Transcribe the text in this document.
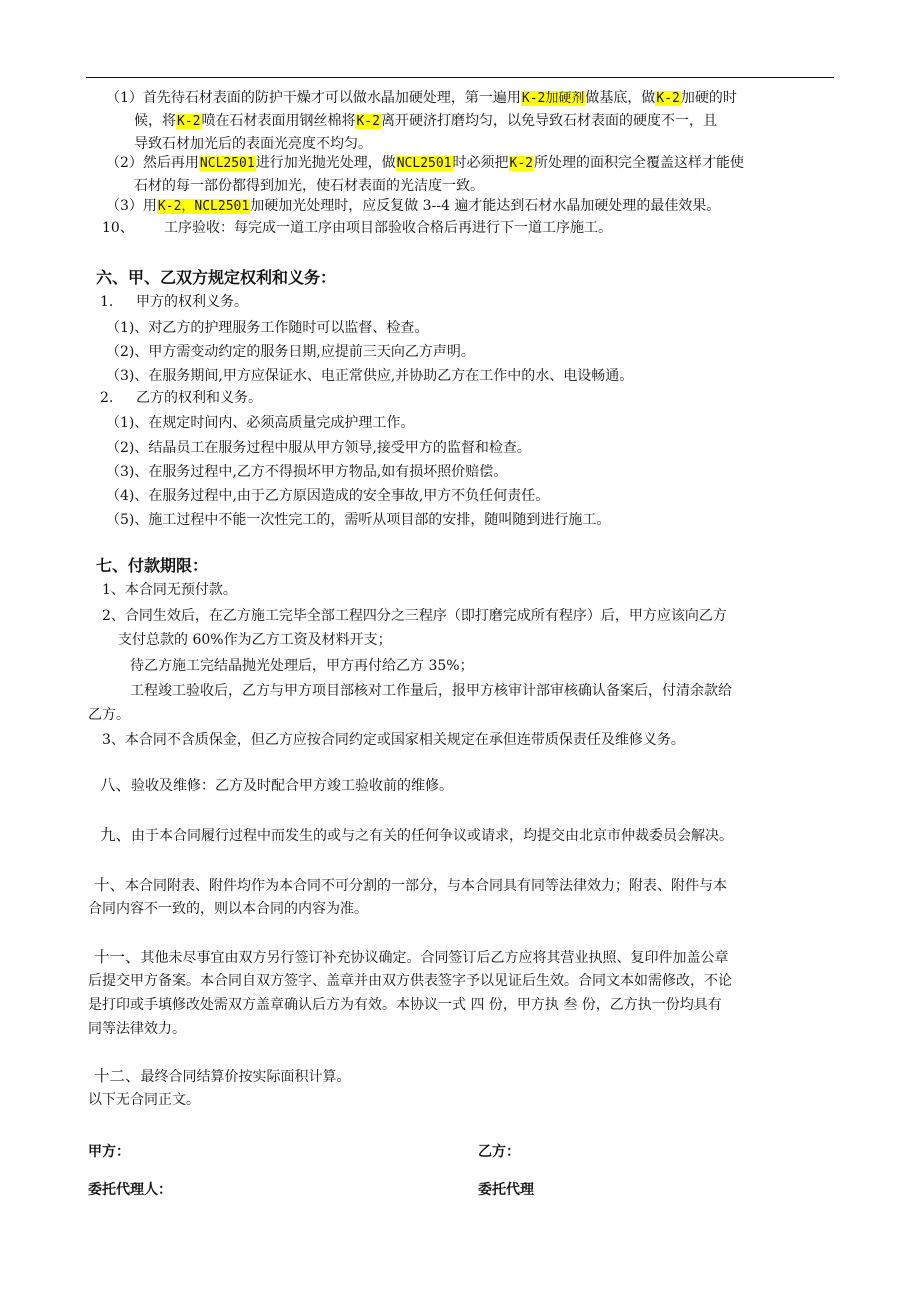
（1）首先待石材表面的防护干燥才可以做水晶加硬处理，第一遍用K-2加硬剂做基底，做K-2加硬的时
候，将K-2喷在石材表面用钢丝棉将K-2离开硬济打磨均匀，以免导致石材表面的硬度不一，且
导致石材加光后的表面光亮度不均匀。
（2）然后再用NCL2501进行加光抛光处理，做NCL2501时必须把K-2所处理的面积完全覆盖这样才能使
石材的每一部份都得到加光，使石材表面的光洁度一致。
（3）用K-2，NCL2501加硬加光处理时，应反复做 3--4 遍才能达到石材水晶加硬处理的最佳效果。
10、 工序验收：每完成一道工序由项目部验收合格后再进行下一道工序施工。
六、甲、乙双方规定权利和义务：
1. 甲方的权利义务。
（1)、对乙方的护理服务工作随时可以监督、检查。
（2)、甲方需变动约定的服务日期,应提前三天向乙方声明。
（3)、在服务期间,甲方应保证水、电正常供应,并协助乙方在工作中的水、电设畅通。
2. 乙方的权利和义务。
（1)、在规定时间内、必须高质量完成护理工作。
（2)、结晶员工在服务过程中服从甲方领导,接受甲方的监督和检查。
（3)、在服务过程中,乙方不得损坏甲方物品,如有损坏照价赔偿。
（4)、在服务过程中,由于乙方原因造成的安全事故,甲方不负任何责任。
（5)、施工过程中不能一次性完工的，需听从项目部的安排，随叫随到进行施工。
七、付款期限：
1、本合同无预付款。
2、合同生效后，在乙方施工完毕全部工程四分之三程序（即打磨完成所有程序）后，甲方应该向乙方
支付总款的 60%作为乙方工资及材料开支；
待乙方施工完结晶抛光处理后，甲方再付给乙方 35%；
工程竣工验收后，乙方与甲方项目部核对工作量后，报甲方核审计部审核确认备案后，付清余款给
乙方。
3、本合同不含质保金，但乙方应按合同约定或国家相关规定在承但连带质保责任及维修义务。
八、验收及维修：乙方及时配合甲方竣工验收前的维修。
九、由于本合同履行过程中而发生的或与之有关的任何争议或请求，均提交由北京市仲裁委员会解决。
十、本合同附表、附件均作为本合同不可分割的一部分，与本合同具有同等法律效力；附表、附件与本
合同内容不一致的，则以本合同的内容为准。
十一、其他未尽事宜由双方另行签订补充协议确定。合同签订后乙方应将其营业执照、复印件加盖公章
后提交甲方备案。本合同自双方签字、盖章并由双方供表签字予以见证后生效。合同文本如需修改，不论
是打印或手填修改处需双方盖章确认后方为有效。本协议一式 四 份，甲方执 叁 份，乙方执一份均具有
同等法律效力。
十二、最终合同结算价按实际面积计算。
以下无合同正文。
甲方：	乙方：
委托代理人：	委托代理
